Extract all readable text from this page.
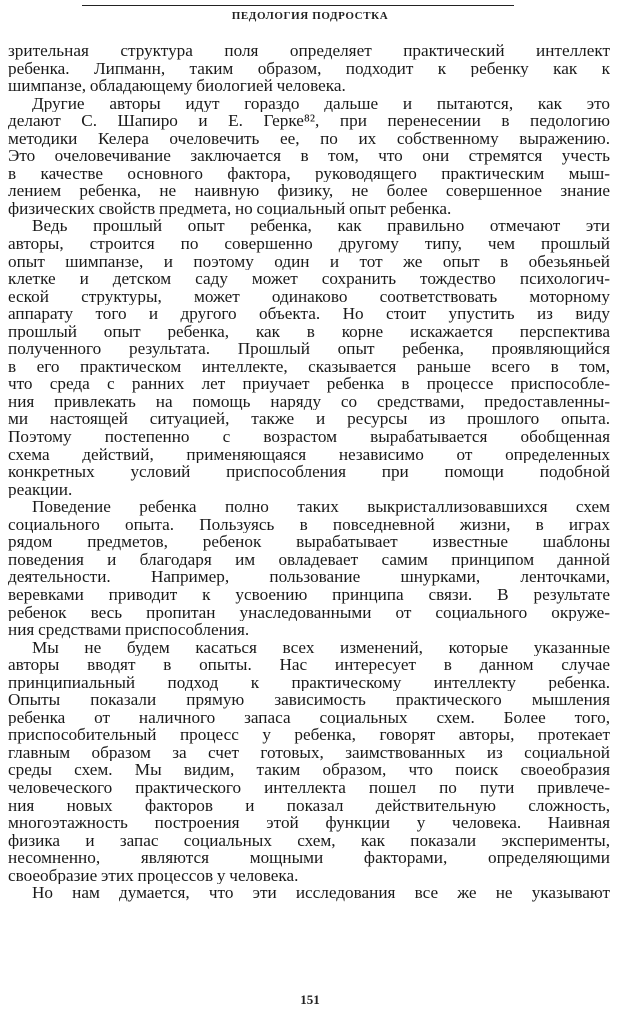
ПЕДОЛОГИЯ ПОДРОСТКА
зрительная структура поля определяет практический интеллект
ребенка. Липманн, таким образом, подходит к ребенку как к
шимпанзе, обладающему биологией человека.
Другие авторы идут гораздо дальше и пытаются, как это
делают С. Шапиро и Е. Герке⁸², при перенесении в педологию
методики Келера очеловечить ее, по их собственному выражению.
Это очеловечивание заключается в том, что они стремятся учесть
в качестве основного фактора, руководящего практическим мыш-
лением ребенка, не наивную физику, не более совершенное знание
физических свойств предмета, но социальный опыт ребенка.
Ведь прошлый опыт ребенка, как правильно отмечают эти
авторы, строится по совершенно другому типу, чем прошлый
опыт шимпанзе, и поэтому один и тот же опыт в обезьяньей
клетке и детском саду может сохранить тождество психологич-
еской структуры, может одинаково соответствовать моторному
аппарату того и другого объекта. Но стоит упустить из виду
прошлый опыт ребенка, как в корне искажается перспектива
полученного результата. Прошлый опыт ребенка, проявляющийся
в его практическом интеллекте, сказывается раньше всего в том,
что среда с ранних лет приучает ребенка в процессе приспособле-
ния привлекать на помощь наряду со средствами, предоставленны-
ми настоящей ситуацией, также и ресурсы из прошлого опыта.
Поэтому постепенно с возрастом вырабатывается обобщенная
схема действий, применяющаяся независимо от определенных
конкретных условий приспособления при помощи подобной
реакции.
Поведение ребенка полно таких выкристаллизовавшихся схем
социального опыта. Пользуясь в повседневной жизни, в играх
рядом предметов, ребенок вырабатывает известные шаблоны
поведения и благодаря им овладевает самим принципом данной
деятельности. Например, пользование шнурками, ленточками,
веревками приводит к усвоению принципа связи. В результате
ребенок весь пропитан унаследованными от социального окруже-
ния средствами приспособления.
Мы не будем касаться всех изменений, которые указанные
авторы вводят в опыты. Нас интересует в данном случае
принципиальный подход к практическому интеллекту ребенка.
Опыты показали прямую зависимость практического мышления
ребенка от наличного запаса социальных схем. Более того,
приспособительный процесс у ребенка, говорят авторы, протекает
главным образом за счет готовых, заимствованных из социальной
среды схем. Мы видим, таким образом, что поиск своеобразия
человеческого практического интеллекта пошел по пути привлече-
ния новых факторов и показал действительную сложность,
многоэтажность построения этой функции у человека. Наивная
физика и запас социальных схем, как показали эксперименты,
несомненно, являются мощными факторами, определяющими
своеобразие этих процессов у человека.
Но нам думается, что эти исследования все же не указывают
151
